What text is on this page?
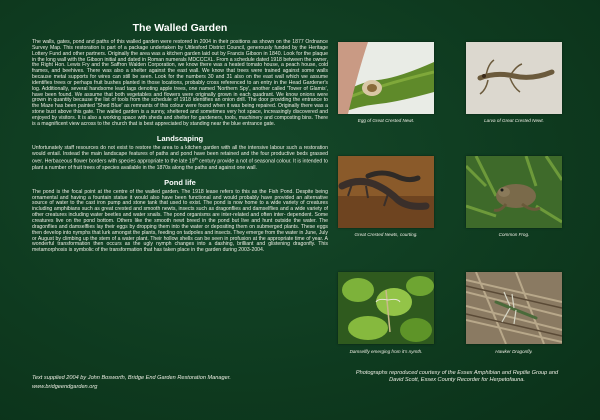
The Walled Garden

The walls, gates, pond and paths of this walled garden were restored in 2004 in their positions as shown on the 1877 Ordnance Survey Map. This restoration is part of a package undertaken by Uttlesford District Council, generously funded by the Heritage Lottery Fund and other partners. Originally the area was a kitchen garden laid out by Francis Gibson in 1840. Look for the plaque in the long wall with the Gibson initial and dated in Roman numerals MDCCCXL. From a schedule dated 1918 between the owner, the Right Hon. Lewis Fry and the Saffron Walden Corporation, we know there was a heated tomato house, a peach house, cold frames, and beehives. There was also a shelter against the east wall. We know that trees were trained against some walls because metal supports for wires can still be seen. Look for the numbers 30 and 31 also on the east wall which we assume identifies trees or perhaps fruit bushes planted in those locations, probably cross referenced to an entry in the Head Gardener's log. Additionally, several handsome lead tags denoting apple trees, one named 'Northern Spy', another called 'Tower of Glamis', have been found. We assume that both vegetables and flowers were originally grown in each quadrant. We know onions were grown in quantity because the list of tools from the schedule of 1918 identifies an onion drill. The door providing the entrance to the Maze has been painted 'Shed Blue' as remnants of this colour were found when it was being repaired. Originally there was a stone bust above this gate. The walled garden is a sunny, sheltered and sometimes very hot space, increasingly discovered and enjoyed by visitors. It is also a working space with sheds and shelter for gardeners, tools, machinery and composting bins. There is a magnificent view across to the church that is best appreciated by standing near the blue entrance gate.

Landscaping

Unfortunately staff resources do not exist to restore the area to a kitchen garden with all the intensive labour such a restoration would entail. Instead the main landscape features of paths and pond have been retained and the four productive beds grassed over. Herbaceous flower borders with species appropriate to the late 19th century provide a not of seasonal colour. It is intended to plant a number of fruit trees of species available in the 1870s along the paths and against one wall.

Pond life

The pond is the focal point at the centre of the walled garden. The 1918 lease refers to this as the Fish Pond. Despite being ornamental and having a fountain statue it would also have been functional and would probably have provided an alternative source of water to the cast iron pump and stone tank that used to exist. The pond is now home to a wide variety of creatures including amphibians such as great crested and smooth newts, insects such as dragonflies and damselflies and a wide variety of other creatures including water beetles and water snails. The pond organisms are inter-related and often inter- dependent. Some creatures live on the pond bottom. Others like the smooth newt breed in the pond but live and hunt outside the water. The dragonflies and damselflies lay their eggs by dropping them into the water or depositing them on submerged plants. These eggs then develop into nymphs that lurk amongst the plants, feeding on tadpoles and insects. They emerge from the water in June, July or August by climbing up the stem of a water plant. Their hollow shells can be seen in profusion at the appropriate time of year. A wonderful transformation then occurs as the ugly nymph changes into a dashing, brilliant and glistening dragonfly. This metamorphosis is symbolic of the transformation that has taken place in the garden during 2003-2004.

Text supplied 2004 by John Bosworth, Bridge End Garden Restoration Manager.
www.bridgeendgarden.org
Egg of Great Crested Newt.	Larva of Great Crested Newt.
Great Crested Newts, courting.	Common Frog.
Damselfly emerging from it's nymth.	Hawker Dragonfly.
Photographs reproduced courtesy of the Essex Amphibian and Reptile Group and David Scott, Essex County Recorder for Herpetofauna.
